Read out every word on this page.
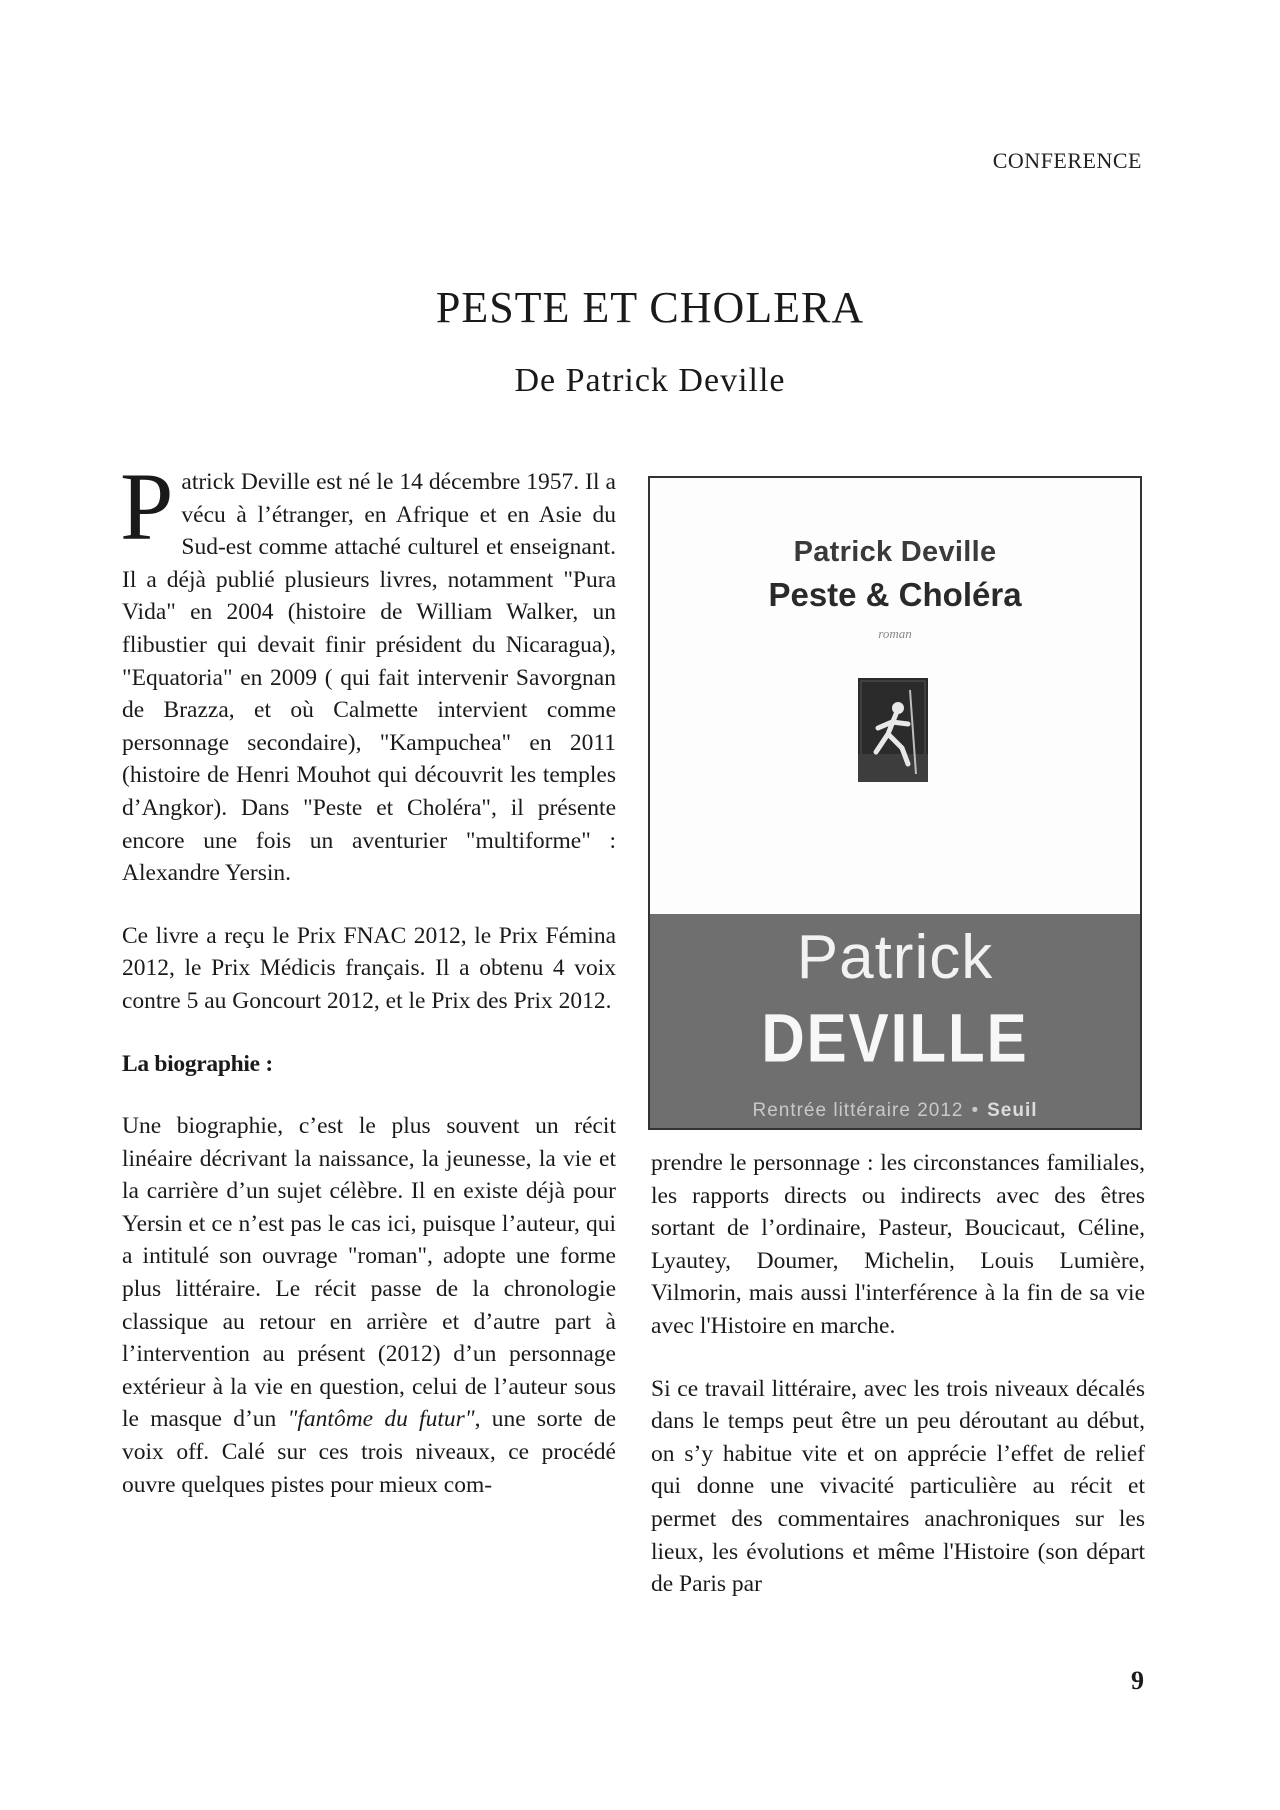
CONFERENCE
PESTE ET CHOLERA
De Patrick Deville

Patrick Deville est né le 14 décembre 1957. Il a vécu à l’étranger, en Afrique et en Asie du Sud-est comme attaché culturel et enseignant. Il a déjà publié plusieurs livres, notamment "Pura Vida" en 2004 (histoire de William Walker, un flibustier qui devait finir président du Nicaragua), "Equatoria" en 2009 ( qui fait intervenir Savorgnan de Brazza, et où Calmette intervient comme personnage secondaire), "Kampuchea" en 2011 (histoire de Henri Mouhot qui découvrit les temples d’Angkor). Dans "Peste et Choléra", il présente encore une fois un aventurier "multiforme" : Alexandre Yersin.

Ce livre a reçu le Prix FNAC 2012, le Prix Fémina 2012, le Prix Médicis français. Il a obtenu 4 voix contre 5 au Goncourt 2012, et le Prix des Prix 2012.

La biographie :

Une biographie, c’est le plus souvent un récit linéaire décrivant la naissance, la jeunesse, la vie et la carrière d’un sujet célèbre. Il en existe déjà pour Yersin et ce n’est pas le cas ici, puisque l’auteur, qui a intitulé son ouvrage "roman", adopte une forme plus littéraire. Le récit passe de la chronologie classique au retour en arrière et d’autre part à l’intervention au présent (2012) d’un personnage extérieur à la vie en question, celui de l’auteur sous le masque d’un "fantôme du futur", une sorte de voix off. Calé sur ces trois niveaux, ce procédé ouvre quelques pistes pour mieux com-

Patrick Deville
Peste & Choléra
roman
Patrick
DEVILLE
Rentrée littéraire 2012 • Seuil

prendre le personnage : les circonstances familiales, les rapports directs ou indirects avec des êtres sortant de l’ordinaire, Pasteur, Boucicaut, Céline, Lyautey, Doumer, Michelin, Louis Lumière, Vilmorin, mais aussi l'interférence à la fin de sa vie avec l'Histoire en marche.

Si ce travail littéraire, avec les trois niveaux décalés dans le temps peut être un peu déroutant au début, on s’y habitue vite et on apprécie l’effet de relief qui donne une vivacité particulière au récit et permet des commentaires anachroniques sur les lieux, les évolutions et même l'Histoire (son départ de Paris par

9
